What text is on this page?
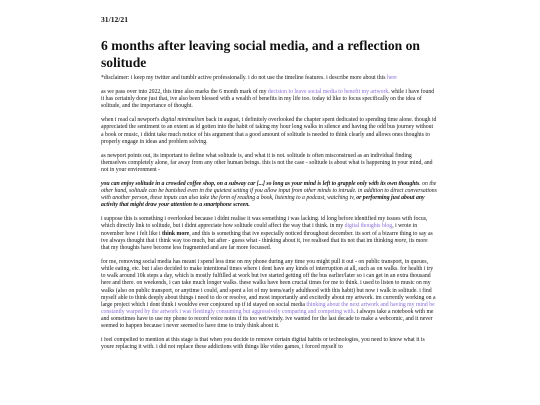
31/12/21
6 months after leaving social media, and a reflection on solitude

*disclaimer: i keep my twitter and tumblr active professionally. i do not use the timeline features. i describe more about this here

as we pass over into 2022, this time also marks the 6 month mark of my decision to leave social media to benefit my artwork. while i have found it has certainly done just that, ive also been blessed with a wealth of benefits in my life too. today id like to focus specifically on the idea of solitude, and the importance of thought.

when i read cal newport's digital minimalism back in august, i definitely overlooked the chapter spent dedicated to spending time alone. though id appreciated the sentiment to an extent as id gotten into the habit of taking my hour long walks in silence and having the odd bus journey without a book or music, i didnt take much notice of his argument that a good amount of solitude is needed to think clearly and allows ones thoughts to properly engage in ideas and problem solving.

as newport points out, its important to define what solitude is, and what it is not. solitude is often misconstrued as an individual finding themselves completely alone, far away from any other human beings. this is not the case - solitude is about what is happening in your mind, and not in your environment -

you can enjoy solitude in a crowded coffee shop, on a subway car [...] so long as your mind is left to grapple only with its own thoughts. on the other hand, solitude can be banished even in the quietest setting if you allow input from other minds to intrude. in addition to direct conversations with another person, these inputs can also take the form of reading a book, listening to a podcast, watching tv, or performing just about any activity that might draw your attention to a smartphone screen.

i suppose this is something i overlooked because i didnt realise it was something i was lacking. id long before identified my issues with focus, which directly link to solitude, but i didnt appreciate how solitude could affect the way that i think. in my digital thoughts blog, i wrote in november how i felt like i think more, and this is something that ive especially noticed throughout december. its sort of a bizarre thing to say as ive always thought that i think way too much, but after - guess what - thinking about it, ive realised that its not that im thinking more, its more that my thoughts have become less fragmented and are far more focussed.

for me, removing social media has meant i spend less time on my phone during any time you might pull it out - on public transport, in queues, while eating, etc. but i also decided to make intentional times where i dont have any kinds of interruption at all, such as on walks. for health i try to walk around 10k steps a day, which is mostly fulfilled at work but ive started getting off the bus earlier/later so i can get in an extra thousand here and there. on weekends, i can take much longer walks. these walks have been crucial times for me to think. i used to listen to music on my walks (also on public transport, or anytime i could, and spent a lot of my teens/early adulthood with this habit) but now i walk in solitude. i find myself able to think deeply about things i need to do or resolve, and most importantly and excitedly about my artwork. im currently working on a large project which i dont think i wouldve ever conjoured up if id stayed on social media thinking about the next artwork and having my mind be constantly warped by the artwork i was fleetingly consuming but aggressively comparing and competing with. i always take a notebook with me and sometimes have to use my phone to record voice notes if its too wet/windy. ive wanted for the last decade to make a webcomic, and it never seemed to happen because i never seemed to have time to truly think about it.

i feel compelled to mention at this stage is that when you decide to remove certain digital habits or technologies, you need to know what it is youre replacing it with. i did not replace these addictions with things like video games, i forced myself to
